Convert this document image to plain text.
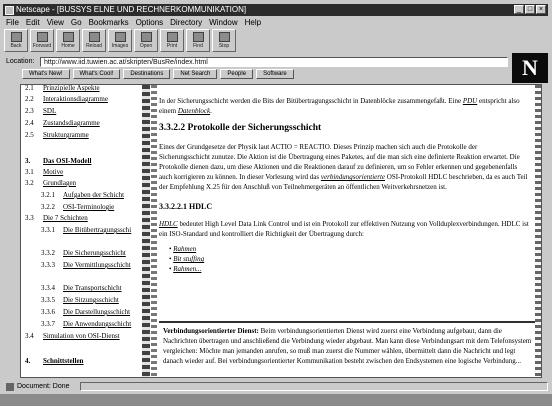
Netscape - [BUSSYS ELNE UND RECHNERKOMMUNIKATION]	_ □ ×
File Edit View Go Bookmarks Options Directory Window Help
Back Forward Home Reload Images Open	Print	Find	Stop
N
Location:	http://www.iid.tuwien.ac.at/skripten/BusRe/index.html
What's New!	What's Cool!	Destinations	Net Search	People	Software
2.1 Prinzipielle Aspekte
2.2 Interaktionsdiagramme
2.3 SDL
2.4 Zustandsdiagramme
2.5 Strukturgramme
3. Das OSI-Modell
3.1 Motive
3.2 Grundlagen
3.2.1 Aufgaben der Schicht
3.2.2 OSI-Terminologie
3.3 Die 7 Schichten
3.3.1 Die Bitübertragungsschi
3.3.2 Die Sicherungsschicht
3.3.3 Die Vermittlungsschicht
3.3.4 Die Transportschicht
3.3.5 Die Sitzungsschicht
3.3.6 Die Darstellungsschicht
3.3.7 Die Anwendungsschicht
3.4 Simulation von OSI-Dienst
4. Schnittstellen

In der Sicherungsschicht werden die Bits der Bitübertragungsschicht in Datenblöcke zusammengefaßt. Eine PDU entspricht also einem Datenblock.

3.3.2.2 Protokolle der Sicherungsschicht

Eines der Grundgesetze der Physik laut ACTIO = REACTIO. Dieses Prinzip machen sich auch die Protokolle der Sicherungsschicht zunutze. Die Aktion ist die Übertragung eines Paketes, auf die man sich eine definierte Reaktion erwartet. Die Protokolle dienen dazu, um diese Aktionen und die Reaktionen darauf zu definieren, um so Fehler erkennen und gegebenenfalls auch korrigieren zu können. In dieser Vorlesung wird das verbindungsorientierte OSI-Protokoll HDLC beschrieben, da es auch Teil der Empfehlung X.25 für den Anschluß von Teilnehmergeräten an öffentlichen Weitverkehrsnetzen ist.

3.3.2.2.1 HDLC

HDLC bedeutet High Level Data Link Control und ist ein Protokoll zur effektiven Nutzung von Vollduplexverbindungen. HDLC ist ein ISO-Standard und kontrolliert die Richtigkeit der Übertragung durch:

• Rahmen
• Bit stuffing
• Rahmen...
Verbindungsorientierter Dienst: Beim verbindungsorientierten Dienst wird zuerst eine Verbindung aufgebaut, dann die Nachrichten übertragen und anschließend die Verbindung wieder abgebaut. Man kann diese Verbindungsart mit dem Telefonsystem vergleichen: Möchte man jemanden anrufen, so muß man zuerst die Nummer wählen, übermittelt dann die Nachricht und legt danach wieder auf. Bei verbindungsorientierter Kommunikation besteht zwischen den Endsystemen eine logische Verbindung...
Document: Done
